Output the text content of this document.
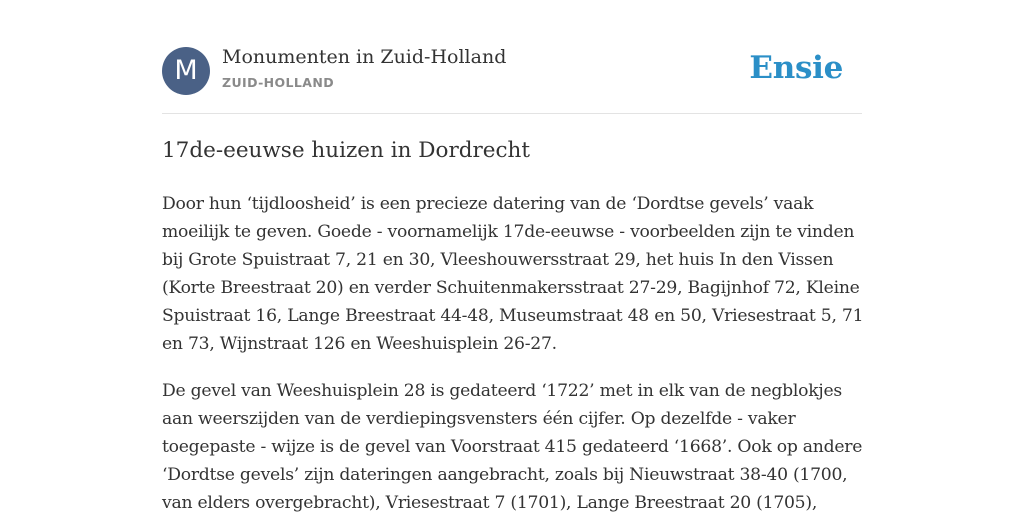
M	Monumenten in Zuid-Holland
ZUID-HOLLAND	Ensie
17de-eeuwse huizen in Dordrecht

Door hun ‘tijdloosheid’ is een precieze datering van de ‘Dordtse gevels’ vaak moeilijk te geven. Goede - voornamelijk 17de-eeuwse - voorbeelden zijn te vinden bij Grote Spuistraat 7, 21 en 30, Vleeshouwersstraat 29, het huis In den Vissen (Korte Breestraat 20) en verder Schuitenmakersstraat 27-29, Bagijnhof 72, Kleine Spuistraat 16, Lange Breestraat 44-48, Museumstraat 48 en 50, Vriesestraat 5, 71 en 73, Wijnstraat 126 en Weeshuisplein 26-27.

De gevel van Weeshuisplein 28 is gedateerd ‘1722’ met in elk van de negblokjes aan weerszijden van de verdiepingsvensters één cijfer. Op dezelfde - vaker toegepaste - wijze is de gevel van Voorstraat 415 gedateerd ‘1668’. Ook op andere ‘Dordtse gevels’ zijn dateringen aangebracht, zoals bij Nieuwstraat 38-40 (1700, van elders overgebracht), Vriesestraat 7 (1701), Lange Breestraat 20 (1705),
